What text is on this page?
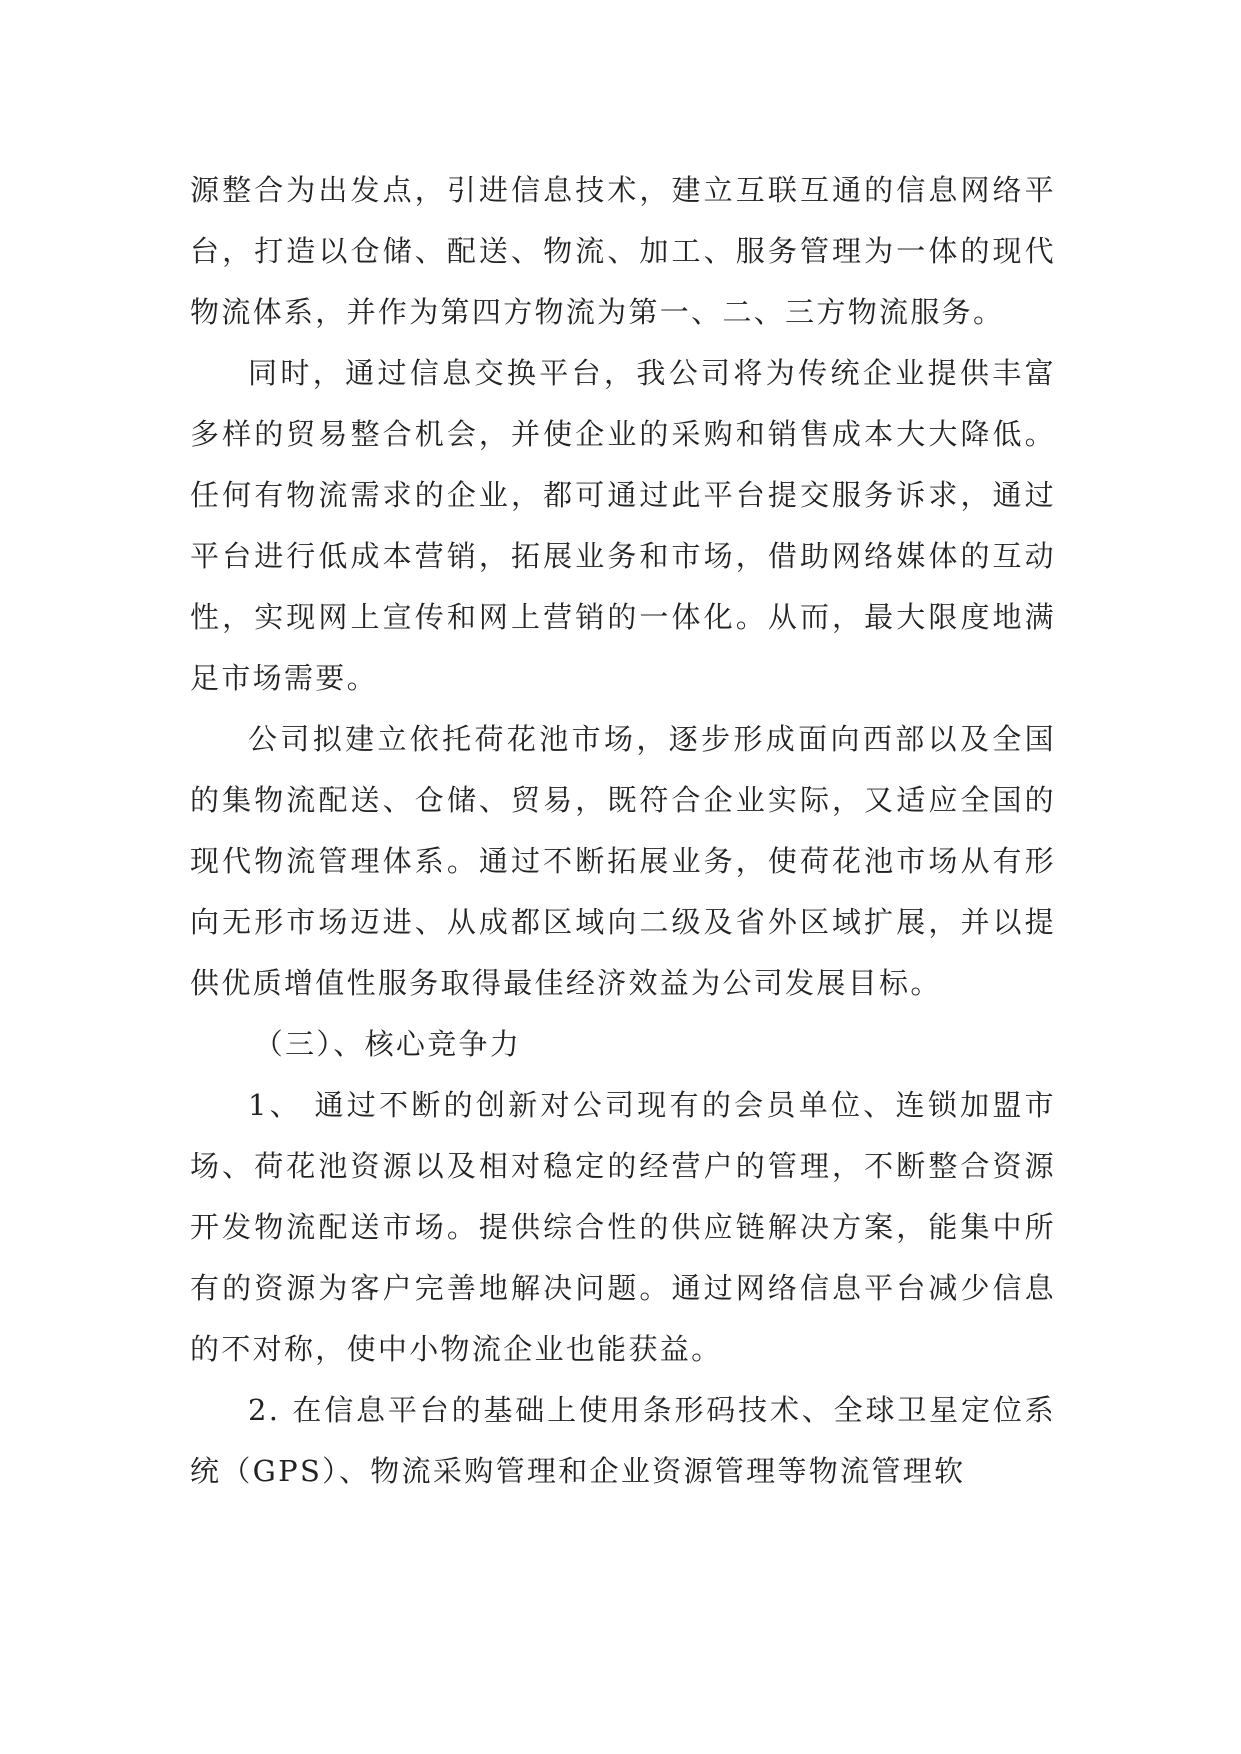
源整合为出发点，引进信息技术，建立互联互通的信息网络平台，打造以仓储、配送、物流、加工、服务管理为一体的现代物流体系，并作为第四方物流为第一、二、三方物流服务。

同时，通过信息交换平台，我公司将为传统企业提供丰富多样的贸易整合机会，并使企业的采购和销售成本大大降低。任何有物流需求的企业，都可通过此平台提交服务诉求，通过平台进行低成本营销，拓展业务和市场，借助网络媒体的互动性，实现网上宣传和网上营销的一体化。从而，最大限度地满足市场需要。

公司拟建立依托荷花池市场，逐步形成面向西部以及全国的集物流配送、仓储、贸易，既符合企业实际，又适应全国的现代物流管理体系。通过不断拓展业务，使荷花池市场从有形向无形市场迈进、从成都区域向二级及省外区域扩展，并以提供优质增值性服务取得最佳经济效益为公司发展目标。

（三）、核心竞争力

1、 通过不断的创新对公司现有的会员单位、连锁加盟市场、荷花池资源以及相对稳定的经营户的管理，不断整合资源开发物流配送市场。提供综合性的供应链解决方案，能集中所有的资源为客户完善地解决问题。通过网络信息平台减少信息的不对称，使中小物流企业也能获益。

2. 在信息平台的基础上使用条形码技术、全球卫星定位系统（GPS）、物流采购管理和企业资源管理等物流管理软
